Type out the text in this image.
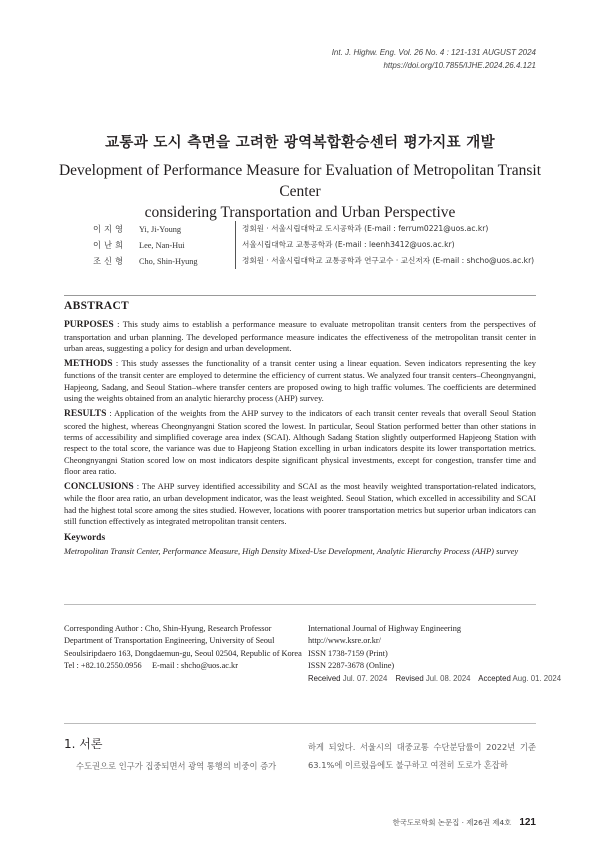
Int. J. Highw. Eng. Vol. 26 No. 4 : 121-131 AUGUST 2024
https://doi.org/10.7855/IJHE.2024.26.4.121
교통과 도시 측면을 고려한 광역복합환승센터 평가지표 개발
Development of Performance Measure for Evaluation of Metropolitan Transit Center
considering Transportation and Urban Perspective
이지영	Yi, Ji-Young	정회원 · 서울시립대학교 도시공학과 (E-mail : ferrum0221@uos.ac.kr)
이난희	Lee, Nan-Hui	서울시립대학교 교통공학과 (E-mail : leenh3412@uos.ac.kr)
조신형	Cho, Shin-Hyung	정회원 · 서울시립대학교 교통공학과 연구교수 · 교신저자 (E-mail : shcho@uos.ac.kr)
ABSTRACT

PURPOSES : This study aims to establish a performance measure to evaluate metropolitan transit centers from the perspectives of transportation and urban planning. The developed performance measure indicates the effectiveness of the metropolitan transit center in urban areas, suggesting a policy for design and urban development.

METHODS : This study assesses the functionality of a transit center using a linear equation. Seven indicators representing the key functions of the transit center are employed to determine the efficiency of current status. We analyzed four transit centers–Cheongnyangni, Hapjeong, Sadang, and Seoul Station–where transfer centers are proposed owing to high traffic volumes. The coefficients are determined using the weights obtained from an analytic hierarchy process (AHP) survey.

RESULTS : Application of the weights from the AHP survey to the indicators of each transit center reveals that overall Seoul Station scored the highest, whereas Cheongnyangni Station scored the lowest. In particular, Seoul Station performed better than other stations in terms of accessibility and simplified coverage area index (SCAI). Although Sadang Station slightly outperformed Hapjeong Station with respect to the total score, the variance was due to Hapjeong Station excelling in urban indicators despite its lower transportation metrics. Cheongnyangni Station scored low on most indicators despite significant physical investments, except for congestion, transfer time and floor area ratio.

CONCLUSIONS : The AHP survey identified accessibility and SCAI as the most heavily weighted transportation-related indicators, while the floor area ratio, an urban development indicator, was the least weighted. Seoul Station, which excelled in accessibility and SCAI had the highest total score among the sites studied. However, locations with poorer transportation metrics but superior urban indicators can still function effectively as integrated metropolitan transit centers.

Keywords
Metropolitan Transit Center, Performance Measure, High Density Mixed-Use Development, Analytic Hierarchy Process (AHP) survey
Corresponding Author : Cho, Shin-Hyung, Research Professor
Department of Transportation Engineering, University of Seoul
Seoulsiripdaero 163, Dongdaemun-gu, Seoul 02504, Republic of Korea
Tel : +82.10.2550.0956     E-mail : shcho@uos.ac.kr
International Journal of Highway Engineering
http://www.ksre.or.kr/
ISSN 1738-7159 (Print)
ISSN 2287-3678 (Online)
Received Jul. 07. 2024 Revised Jul. 08. 2024 Accepted Aug. 01. 2024
1. 서론
수도권으로 인구가 집중되면서 광역 통행의 비중이 증가
하게 되었다. 서울시의 대중교통 수단분담률이 2022년 기준 63.1%에 이르렀음에도 불구하고 여전히 도로가 혼잡하
한국도로학회 논문집 · 제26권 제4호 121
